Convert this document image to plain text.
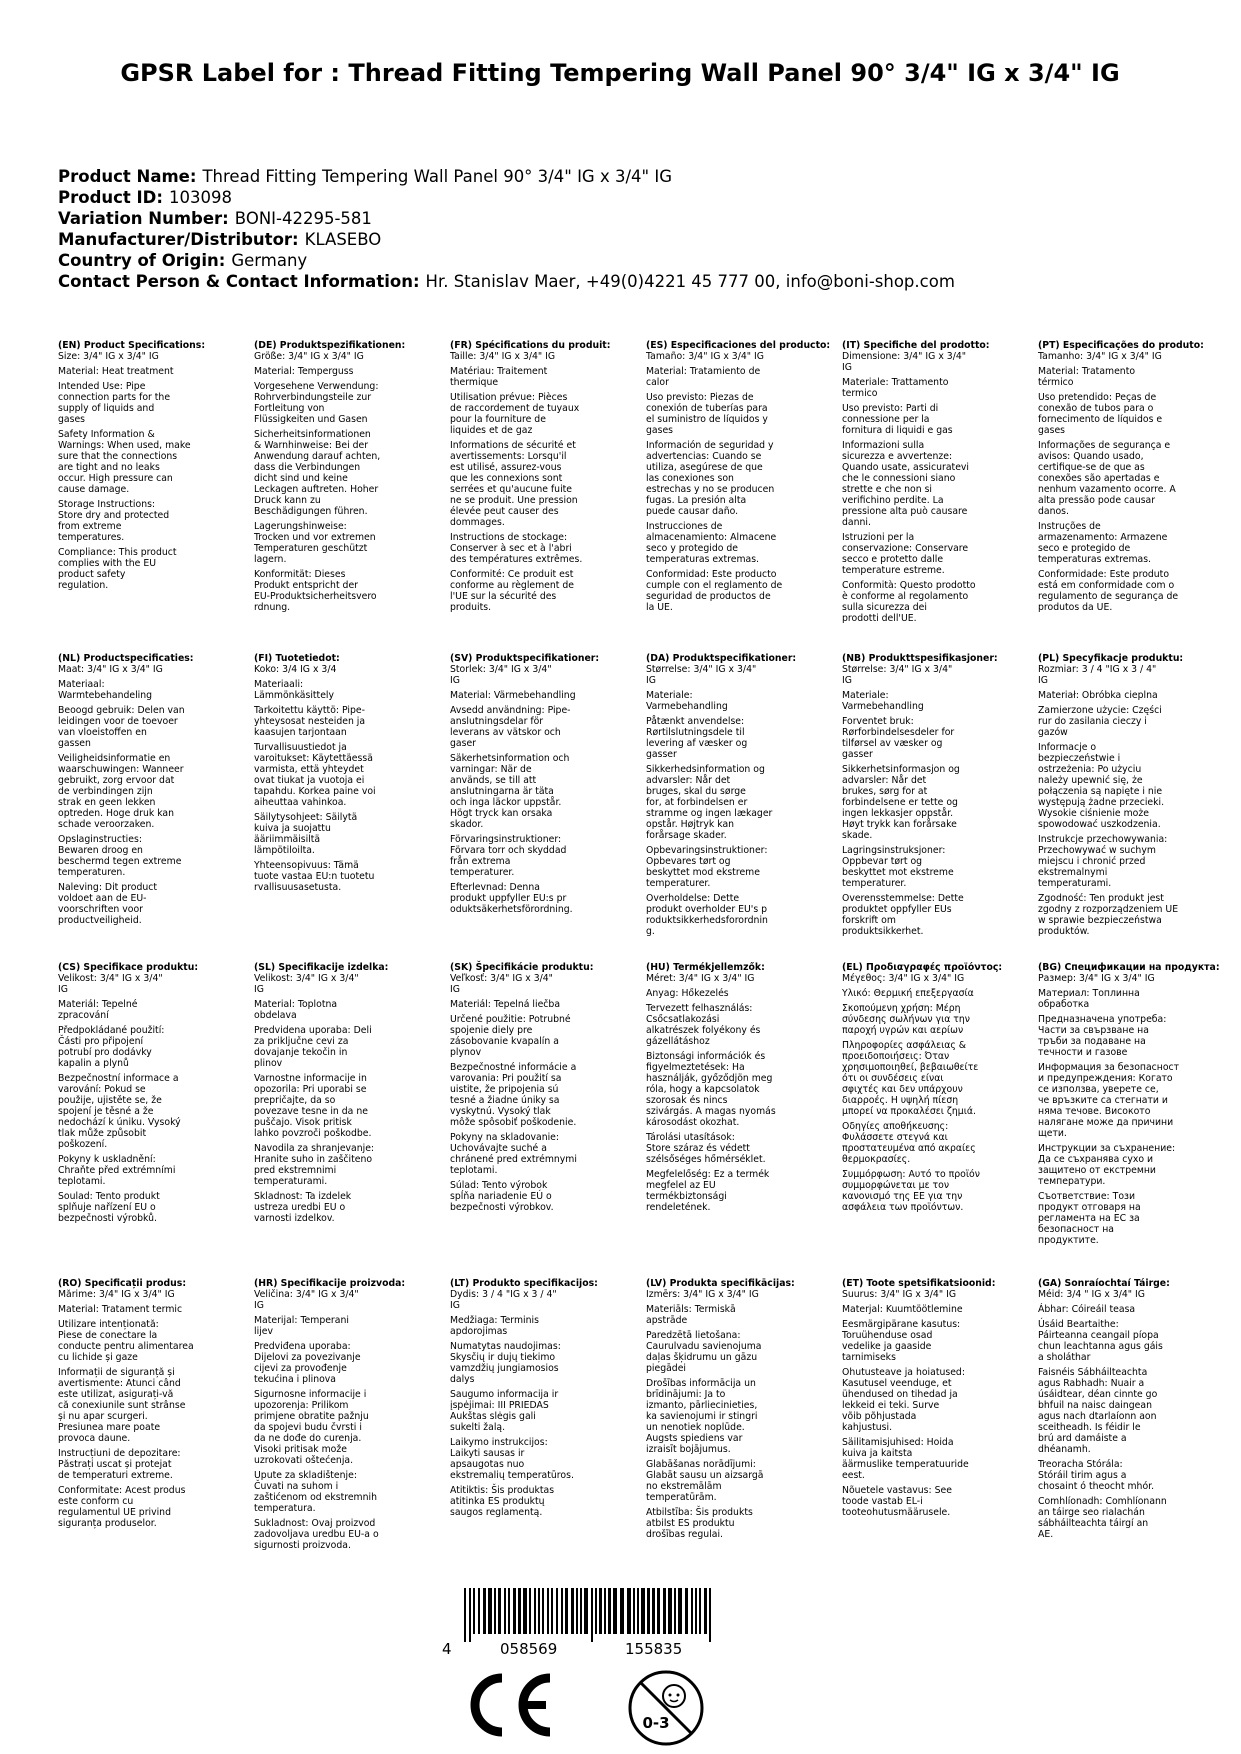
GPSR Label for : Thread Fitting Tempering Wall Panel 90° 3/4" IG x 3/4" IG
Product Name: Thread Fitting Tempering Wall Panel 90° 3/4" IG x 3/4" IG
Product ID: 103098
Variation Number: BONI-42295-581
Manufacturer/Distributor: KLASEBO
Country of Origin: Germany
Contact Person & Contact Information: Hr. Stanislav Maer, +49(0)4221 45 777 00, info@boni-shop.com
(EN) Product Specifications:
Size: 3/4" IG x 3/4" IG
Material: Heat treatment
Intended Use: Pipe
connection parts for the
supply of liquids and
gases
Safety Information &
Warnings: When used, make
sure that the connections
are tight and no leaks
occur. High pressure can
cause damage.
Storage Instructions:
Store dry and protected
from extreme
temperatures.
Compliance: This product
complies with the EU
product safety
regulation.
(DE) Produktspezifikationen:
Größe: 3/4" IG x 3/4" IG
Material: Temperguss
Vorgesehene Verwendung:
Rohrverbindungsteile zur
Fortleitung von
Flüssigkeiten und Gasen
Sicherheitsinformationen
& Warnhinweise: Bei der
Anwendung darauf achten,
dass die Verbindungen
dicht sind und keine
Leckagen auftreten. Hoher
Druck kann zu
Beschädigungen führen.
Lagerungshinweise:
Trocken und vor extremen
Temperaturen geschützt
lagern.
Konformität: Dieses
Produkt entspricht der
EU-Produktsicherheitsvero
rdnung.
(FR) Spécifications du produit:
Taille: 3/4" IG x 3/4" IG
Matériau: Traitement
thermique
Utilisation prévue: Pièces
de raccordement de tuyaux
pour la fourniture de
liquides et de gaz
Informations de sécurité et
avertissements: Lorsqu'il
est utilisé, assurez-vous
que les connexions sont
serrées et qu'aucune fuite
ne se produit. Une pression
élevée peut causer des
dommages.
Instructions de stockage:
Conserver à sec et à l'abri
des températures extrêmes.
Conformité: Ce produit est
conforme au règlement de
l'UE sur la sécurité des
produits.
(ES) Especificaciones del producto:
Tamaño: 3/4" IG x 3/4" IG
Material: Tratamiento de
calor
Uso previsto: Piezas de
conexión de tuberías para
el suministro de líquidos y
gases
Información de seguridad y
advertencias: Cuando se
utiliza, asegúrese de que
las conexiones son
estrechas y no se producen
fugas. La presión alta
puede causar daño.
Instrucciones de
almacenamiento: Almacene
seco y protegido de
temperaturas extremas.
Conformidad: Este producto
cumple con el reglamento de
seguridad de productos de
la UE.
(IT) Specifiche del prodotto:
Dimensione: 3/4" IG x 3/4"
IG
Materiale: Trattamento
termico
Uso previsto: Parti di
connessione per la
fornitura di liquidi e gas
Informazioni sulla
sicurezza e avvertenze:
Quando usate, assicuratevi
che le connessioni siano
strette e che non si
verifichino perdite. La
pressione alta può causare
danni.
Istruzioni per la
conservazione: Conservare
secco e protetto dalle
temperature estreme.
Conformità: Questo prodotto
è conforme al regolamento
sulla sicurezza dei
prodotti dell'UE.
(PT) Especificações do produto:
Tamanho: 3/4" IG x 3/4" IG
Material: Tratamento
térmico
Uso pretendido: Peças de
conexão de tubos para o
fornecimento de líquidos e
gases
Informações de segurança e
avisos: Quando usado,
certifique-se de que as
conexões são apertadas e
nenhum vazamento ocorre. A
alta pressão pode causar
danos.
Instruções de
armazenamento: Armazene
seco e protegido de
temperaturas extremas.
Conformidade: Este produto
está em conformidade com o
regulamento de segurança de
produtos da UE.
(NL) Productspecificaties:
Maat: 3/4" IG x 3/4" IG
Materiaal:
Warmtebehandeling
Beoogd gebruik: Delen van
leidingen voor de toevoer
van vloeistoffen en
gassen
Veiligheidsinformatie en
waarschuwingen: Wanneer
gebruikt, zorg ervoor dat
de verbindingen zijn
strak en geen lekken
optreden. Hoge druk kan
schade veroorzaken.
Opslaginstructies:
Bewaren droog en
beschermd tegen extreme
temperaturen.
Naleving: Dit product
voldoet aan de EU-
voorschriften voor
productveiligheid.
(FI) Tuotetiedot:
Koko: 3/4 IG x 3/4
Materiaali:
Lämmönkäsittely
Tarkoitettu käyttö: Pipe-
yhteysosat nesteiden ja
kaasujen tarjontaan
Turvallisuustiedot ja
varoitukset: Käytettäessä
varmista, että yhteydet
ovat tiukat ja vuotoja ei
tapahdu. Korkea paine voi
aiheuttaa vahinkoa.
Säilytysohjeet: Säilytä
kuiva ja suojattu
ääriimmäisiltä
lämpötiloilta.
Yhteensopivuus: Tämä
tuote vastaa EU:n tuotetu
rvallisuusasetusta.
(SV) Produktspecifikationer:
Storlek: 3/4" IG x 3/4"
IG
Material: Värmebehandling
Avsedd användning: Pipe-
anslutningsdelar för
leverans av vätskor och
gaser
Säkerhetsinformation och
varningar: När de
används, se till att
anslutningarna är täta
och inga läckor uppstår.
Högt tryck kan orsaka
skador.
Förvaringsinstruktioner:
Förvara torr och skyddad
från extrema
temperaturer.
Efterlevnad: Denna
produkt uppfyller EU:s pr
oduktsäkerhetsförordning.
(DA) Produktspecifikationer:
Størrelse: 3/4" IG x 3/4"
IG
Materiale:
Varmebehandling
Påtænkt anvendelse:
Rørtilslutningsdele til
levering af væsker og
gasser
Sikkerhedsinformation og
advarsler: Når det
bruges, skal du sørge
for, at forbindelsen er
stramme og ingen lækager
opstår. Højtryk kan
forårsage skader.
Opbevaringsinstruktioner:
Opbevares tørt og
beskyttet mod ekstreme
temperaturer.
Overholdelse: Dette
produkt overholder EU's p
roduktsikkerhedsforordnin
g.
(NB) Produkttspesifikasjoner:
Størrelse: 3/4" IG x 3/4"
IG
Materiale:
Varmebehandling
Forventet bruk:
Rørforbindelsesdeler for
tilførsel av væsker og
gasser
Sikkerhetsinformasjon og
advarsler: Når det
brukes, sørg for at
forbindelsene er tette og
ingen lekkasjer oppstår.
Høyt trykk kan forårsake
skade.
Lagringsinstruksjoner:
Oppbevar tørt og
beskyttet mot ekstreme
temperaturer.
Overensstemmelse: Dette
produktet oppfyller EUs
forskrift om
produktsikkerhet.
(PL) Specyfikacje produktu:
Rozmiar: 3 / 4 "IG x 3 / 4"
IG
Materiał: Obróbka cieplna
Zamierzone użycie: Części
rur do zasilania cieczy i
gazów
Informacje o
bezpieczeństwie i
ostrzeżenia: Po użyciu
należy upewnić się, że
połączenia są napięte i nie
występują żadne przecieki.
Wysokie ciśnienie może
spowodować uszkodzenia.
Instrukcje przechowywania:
Przechowywać w suchym
miejscu i chronić przed
ekstremalnymi
temperaturami.
Zgodność: Ten produkt jest
zgodny z rozporządzeniem UE
w sprawie bezpieczeństwa
produktów.
(CS) Specifikace produktu:
Velikost: 3/4" IG x 3/4"
IG
Materiál: Tepelné
zpracování
Předpokládané použití:
Části pro připojení
potrubí pro dodávky
kapalin a plynů
Bezpečnostní informace a
varování: Pokud se
použije, ujistěte se, že
spojení je těsné a že
nedochází k úniku. Vysoký
tlak může způsobit
poškození.
Pokyny k uskladnění:
Chraňte před extrémními
teplotami.
Soulad: Tento produkt
splňuje nařízení EU o
bezpečnosti výrobků.
(SL) Specifikacije izdelka:
Velikost: 3/4" IG x 3/4"
IG
Material: Toplotna
obdelava
Predvidena uporaba: Deli
za priključne cevi za
dovajanje tekočin in
plinov
Varnostne informacije in
opozorila: Pri uporabi se
prepričajte, da so
povezave tesne in da ne
puščajo. Visok pritisk
lahko povzroči poškodbe.
Navodila za shranjevanje:
Hranite suho in zaščiteno
pred ekstremnimi
temperaturami.
Skladnost: Ta izdelek
ustreza uredbi EU o
varnosti izdelkov.
(SK) Špecifikácie produktu:
Veľkosť: 3/4" IG x 3/4"
IG
Materiál: Tepelná liečba
Určené použitie: Potrubné
spojenie diely pre
zásobovanie kvapalín a
plynov
Bezpečnostné informácie a
varovania: Pri použití sa
uistite, že pripojenia sú
tesné a žiadne úniky sa
vyskytnú. Vysoký tlak
môže spôsobiť poškodenie.
Pokyny na skladovanie:
Uchovávajte suché a
chránené pred extrémnymi
teplotami.
Súlad: Tento výrobok
spĺňa nariadenie EÚ o
bezpečnosti výrobkov.
(HU) Termékjellemzők:
Méret: 3/4" IG x 3/4" IG
Anyag: Hőkezelés
Tervezett felhasználás:
Csőcsatlakozási
alkatrészek folyékony és
gázellátáshoz
Biztonsági információk és
figyelmeztetések: Ha
használják, győződjön meg
róla, hogy a kapcsolatok
szorosak és nincs
szivárgás. A magas nyomás
károsodást okozhat.
Tárolási utasítások:
Store száraz és védett
szélsőséges hőmérséklet.
Megfelelőség: Ez a termék
megfelel az EU
termékbiztonsági
rendeletének.
(EL) Προδιαγραφές προϊόντος:
Μέγεθος: 3/4" IG x 3/4" IG
Υλικό: Θερμική επεξεργασία
Σκοπούμενη χρήση: Μέρη
σύνδεσης σωλήνων για την
παροχή υγρών και αερίων
Πληροφορίες ασφάλειας &
προειδοποιήσεις: Όταν
χρησιμοποιηθεί, βεβαιωθείτε
ότι οι συνδέσεις είναι
σφιχτές και δεν υπάρχουν
διαρροές. Η υψηλή πίεση
μπορεί να προκαλέσει ζημιά.
Οδηγίες αποθήκευσης:
Φυλάσσετε στεγνά και
προστατευμένα από ακραίες
θερμοκρασίες.
Συμμόρφωση: Αυτό το προϊόν
συμμορφώνεται με τον
κανονισμό της ΕΕ για την
ασφάλεια των προϊόντων.
(BG) Спецификации на продукта:
Размер: 3/4" IG x 3/4" IG
Материал: Топлинна
обработка
Предназначена употреба:
Части за свързване на
тръби за подаване на
течности и газове
Информация за безопасност
и предупреждения: Когато
се използва, уверете се,
че връзките са стегнати и
няма течове. Високото
налягане може да причини
щети.
Инструкции за съхранение:
Да се съхранява сухо и
защитено от екстремни
температури.
Съответствие: Този
продукт отговаря на
регламента на ЕС за
безопасност на
продуктите.
(RO) Specificații produs:
Mărime: 3/4" IG x 3/4" IG
Material: Tratament termic
Utilizare intenționată:
Piese de conectare la
conducte pentru alimentarea
cu lichide și gaze
Informații de siguranță și
avertismente: Atunci când
este utilizat, asigurați-vă
că conexiunile sunt strânse
și nu apar scurgeri.
Presiunea mare poate
provoca daune.
Instrucțiuni de depozitare:
Păstrați uscat și protejat
de temperaturi extreme.
Conformitate: Acest produs
este conform cu
regulamentul UE privind
siguranța produselor.
(HR) Specifikacije proizvoda:
Veličina: 3/4" IG x 3/4"
IG
Materijal: Temperani
lijev
Predviđena uporaba:
Dijelovi za povezivanje
cijevi za provođenje
tekućina i plinova
Sigurnosne informacije i
upozorenja: Prilikom
primjene obratite pažnju
da spojevi budu čvrsti i
da ne dođe do curenja.
Visoki pritisak može
uzrokovati oštećenja.
Upute za skladištenje:
Čuvati na suhom i
zaštićenom od ekstremnih
temperatura.
Sukladnost: Ovaj proizvod
zadovoljava uredbu EU-a o
sigurnosti proizvoda.
(LT) Produkto specifikacijos:
Dydis: 3 / 4 "IG x 3 / 4"
IG
Medžiaga: Terminis
apdorojimas
Numatytas naudojimas:
Skysčių ir dujų tiekimo
vamzdžių jungiamosios
dalys
Saugumo informacija ir
įspėjimai: III PRIEDAS
Aukštas slėgis gali
sukelti žalą.
Laikymo instrukcijos:
Laikyti sausas ir
apsaugotas nuo
ekstremalių temperatūros.
Atitiktis: Šis produktas
atitinka ES produktų
saugos reglamentą.
(LV) Produkta specifikācijas:
Izmērs: 3/4" IG x 3/4" IG
Materiāls: Termiskā
apstrāde
Paredzētā lietošana:
Caurulvadu savienojuma
daļas šķidrumu un gāzu
piegādei
Drošības informācija un
brīdinājumi: Ja to
izmanto, pārliecinieties,
ka savienojumi ir stingri
un nenotiek noplūde.
Augsts spiediens var
izraisīt bojājumus.
Glabāšanas norādījumi:
Glabāt sausu un aizsargā
no ekstremālām
temperatūrām.
Atbilstība: Šis produkts
atbilst ES produktu
drošības regulai.
(ET) Toote spetsifikatsioonid:
Suurus: 3/4" IG x 3/4" IG
Materjal: Kuumtöötlemine
Eesmärgipärane kasutus:
Toruühenduse osad
vedelike ja gaaside
tarnimiseks
Ohutusteave ja hoiatused:
Kasutusel veenduge, et
ühendused on tihedad ja
lekkeid ei teki. Surve
võib põhjustada
kahjustusi.
Säilitamisjuhised: Hoida
kuiva ja kaitsta
äärmuslike temperatuuride
eest.
Nõuetele vastavus: See
toode vastab EL-i
tooteohutusmäärusele.
(GA) Sonraíochtaí Táirge:
Méid: 3/4 " IG x 3/4" IG
Ábhar: Cóireáil teasa
Úsáid Beartaithe:
Páirteanna ceangail píopa
chun leachtanna agus gáis
a sholáthar
Faisnéis Sábháilteachta
agus Rabhadh: Nuair a
úsáidtear, déan cinnte go
bhfuil na naisc daingean
agus nach dtarlaíonn aon
sceitheadh. Is féidir le
brú ard damáiste a
dhéanamh.
Treoracha Stórála:
Stóráil tirim agus a
chosaint ó theocht mhór.
Comhlíonadh: Comhlíonann
an táirge seo rialachán
sábháilteachta táirgí an
AE.
4	058569	155835
0-3
